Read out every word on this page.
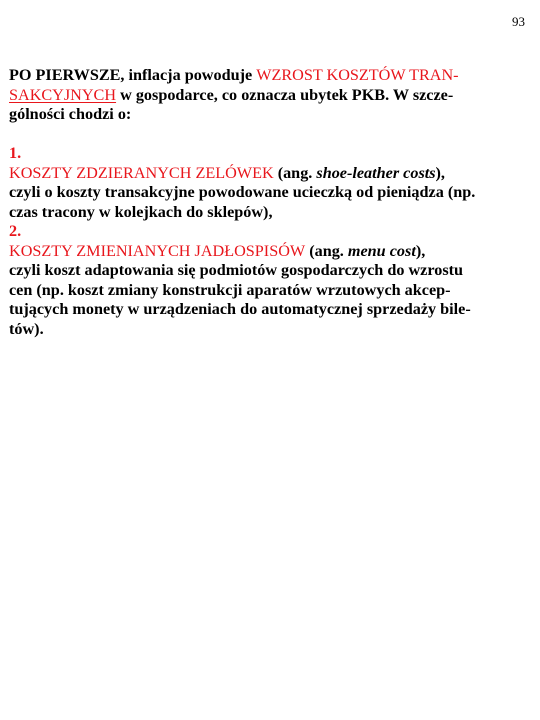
93

PO PIERWSZE, inflacja powoduje WZROST KOSZTÓW TRAN-

SAKCYJNYCH w gospodarce, co oznacza ubytek PKB. W szcze-

gólności chodzi o:

1.

KOSZTY ZDZIERANYCH ZELÓWEK (ang. shoe-leather costs),

czyli o koszty transakcyjne powodowane ucieczką od pieniądza (np.

czas tracony w kolejkach do sklepów),

2.

KOSZTY ZMIENIANYCH JADŁOSPISÓW (ang. menu cost),

czyli koszt adaptowania się podmiotów gospodarczych do wzrostu

cen (np. koszt zmiany konstrukcji aparatów wrzutowych akcep-

tujących monety w urządzeniach do automatycznej sprzedaży bile-

tów).
